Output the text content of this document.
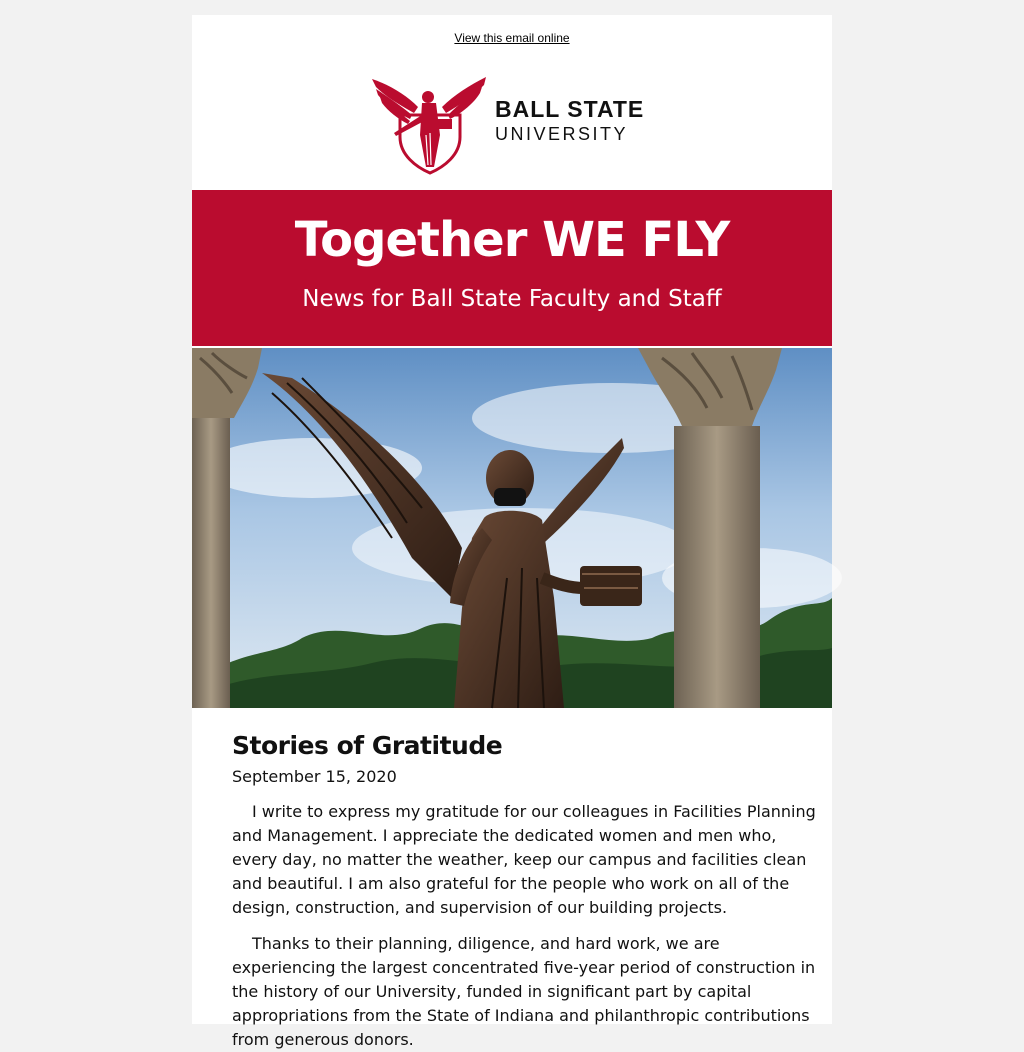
View this email online
BALL STATE
UNIVERSITY
Together WE FLY
News for Ball State Faculty and Staff
Stories of Gratitude
September 15, 2020

I write to express my gratitude for our colleagues in Facilities Planning and Management. I appreciate the dedicated women and men who, every day, no matter the weather, keep our campus and facilities clean and beautiful. I am also grateful for the people who work on all of the design, construction, and supervision of our building projects.

Thanks to their planning, diligence, and hard work, we are experiencing the largest concentrated five-year period of construction in the history of our University, funded in significant part by capital appropriations from the State of Indiana and philanthropic contributions from generous donors.
